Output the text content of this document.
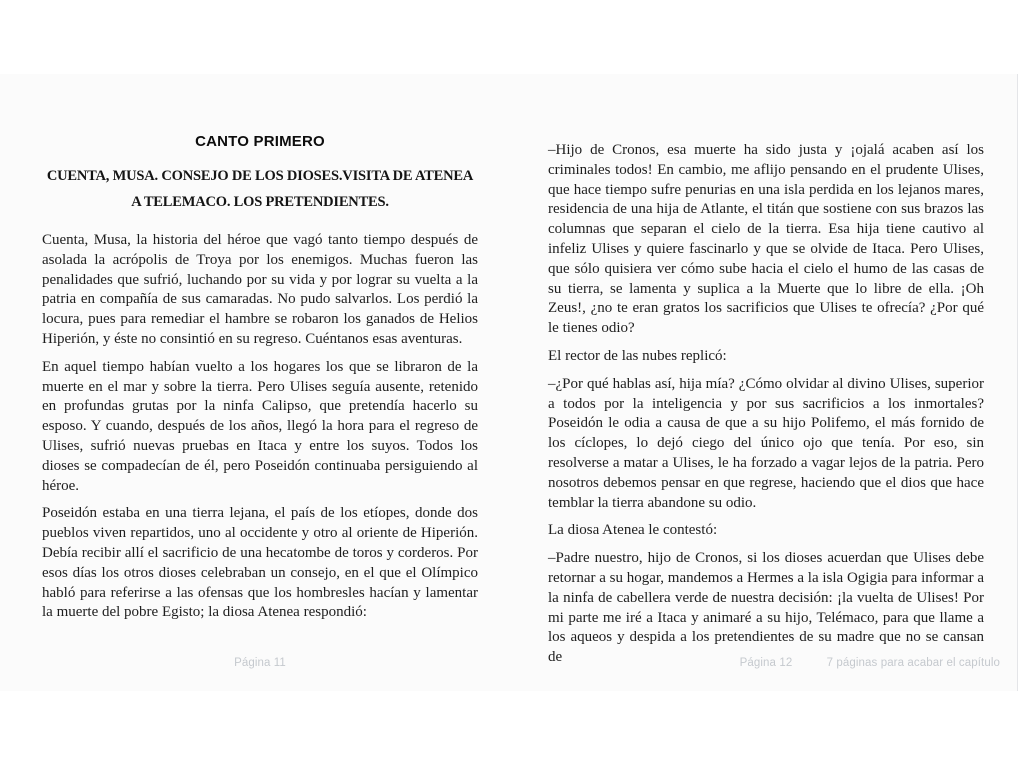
CANTO PRIMERO
CUENTA, MUSA. CONSEJO DE LOS DIOSES.VISITA DE ATENEA A TELEMACO. LOS PRETENDIENTES.

Cuenta, Musa, la historia del héroe que vagó tanto tiempo después de asolada la acrópolis de Troya por los enemigos. Muchas fueron las penalidades que sufrió, luchando por su vida y por lograr su vuelta a la patria en compañía de sus camaradas. No pudo salvarlos. Los perdió la locura, pues para remediar el hambre se robaron los ganados de Helios Hiperión, y éste no consintió en su regreso. Cuéntanos esas aventuras.

En aquel tiempo habían vuelto a los hogares los que se libraron de la muerte en el mar y sobre la tierra. Pero Ulises seguía ausente, retenido en profundas grutas por la ninfa Calipso, que pretendía hacerlo su esposo. Y cuando, después de los años, llegó la hora para el regreso de Ulises, sufrió nuevas pruebas en Itaca y entre los suyos. Todos los dioses se compadecían de él, pero Poseidón continuaba persiguiendo al héroe.

Poseidón estaba en una tierra lejana, el país de los etíopes, donde dos pueblos viven repartidos, uno al occidente y otro al oriente de Hiperión. Debía recibir allí el sacrificio de una hecatombe de toros y corderos. Por esos días los otros dioses celebraban un consejo, en el que el Olímpico habló para referirse a las ofensas que los hombresles hacían y lamentar la muerte del pobre Egisto; la diosa Atenea respondió:

–Hijo de Cronos, esa muerte ha sido justa y ¡ojalá acaben así los criminales todos! En cambio, me aflijo pensando en el prudente Ulises, que hace tiempo sufre penurias en una isla perdida en los lejanos mares, residencia de una hija de Atlante, el titán que sostiene con sus brazos las columnas que separan el cielo de la tierra. Esa hija tiene cautivo al infeliz Ulises y quiere fascinarlo y que se olvide de Itaca. Pero Ulises, que sólo quisiera ver cómo sube hacia el cielo el humo de las casas de su tierra, se lamenta y suplica a la Muerte que lo libre de ella. ¡Oh Zeus!, ¿no te eran gratos los sacrificios que Ulises te ofrecía? ¿Por qué le tienes odio?

El rector de las nubes replicó:

–¿Por qué hablas así, hija mía? ¿Cómo olvidar al divino Ulises, superior a todos por la inteligencia y por sus sacrificios a los inmortales? Poseidón le odia a causa de que a su hijo Polifemo, el más fornido de los cíclopes, lo dejó ciego del único ojo que tenía. Por eso, sin resolverse a matar a Ulises, le ha forzado a vagar lejos de la patria. Pero nosotros debemos pensar en que regrese, haciendo que el dios que hace temblar la tierra abandone su odio.

La diosa Atenea le contestó:

–Padre nuestro, hijo de Cronos, si los dioses acuerdan que Ulises debe retornar a su hogar, mandemos a Hermes a la isla Ogigia para informar a la ninfa de cabellera verde de nuestra decisión: ¡la vuelta de Ulises! Por mi parte me iré a Itaca y animaré a su hijo, Telémaco, para que llame a los aqueos y despida a los pretendientes de su madre que no se cansan de

Página 11	Página 12	7 páginas para acabar el capítulo
